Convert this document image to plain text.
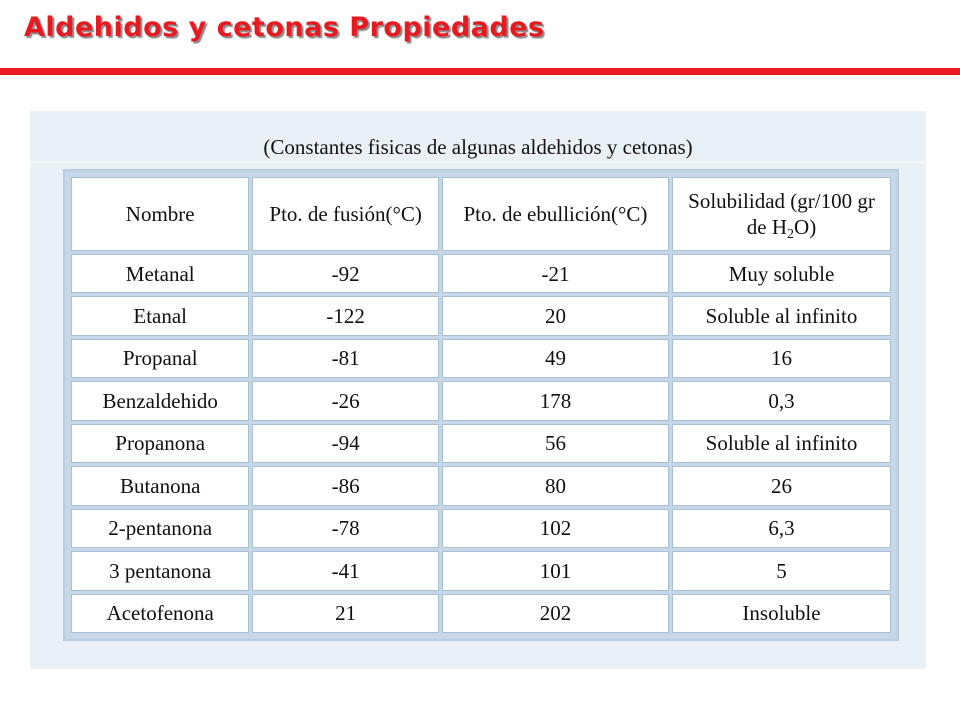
Aldehidos y cetonas Propiedades
(Constantes fisicas de algunas aldehidos y cetonas)
Nombre	Pto. de fusión(°C)	Pto. de ebullición(°C)	Solubilidad (gr/100 gr de $H_2O$)
Metanal	-92	-21	Muy soluble
Etanal	-122	20	Soluble al infinito
Propanal	-81	49	16
Benzaldehido	-26	178	0,3
Propanona	-94	56	Soluble al infinito
Butanona	-86	80	26
2-pentanona	-78	102	6,3
3 pentanona	-41	101	5
Acetofenona	21	202	Insoluble
